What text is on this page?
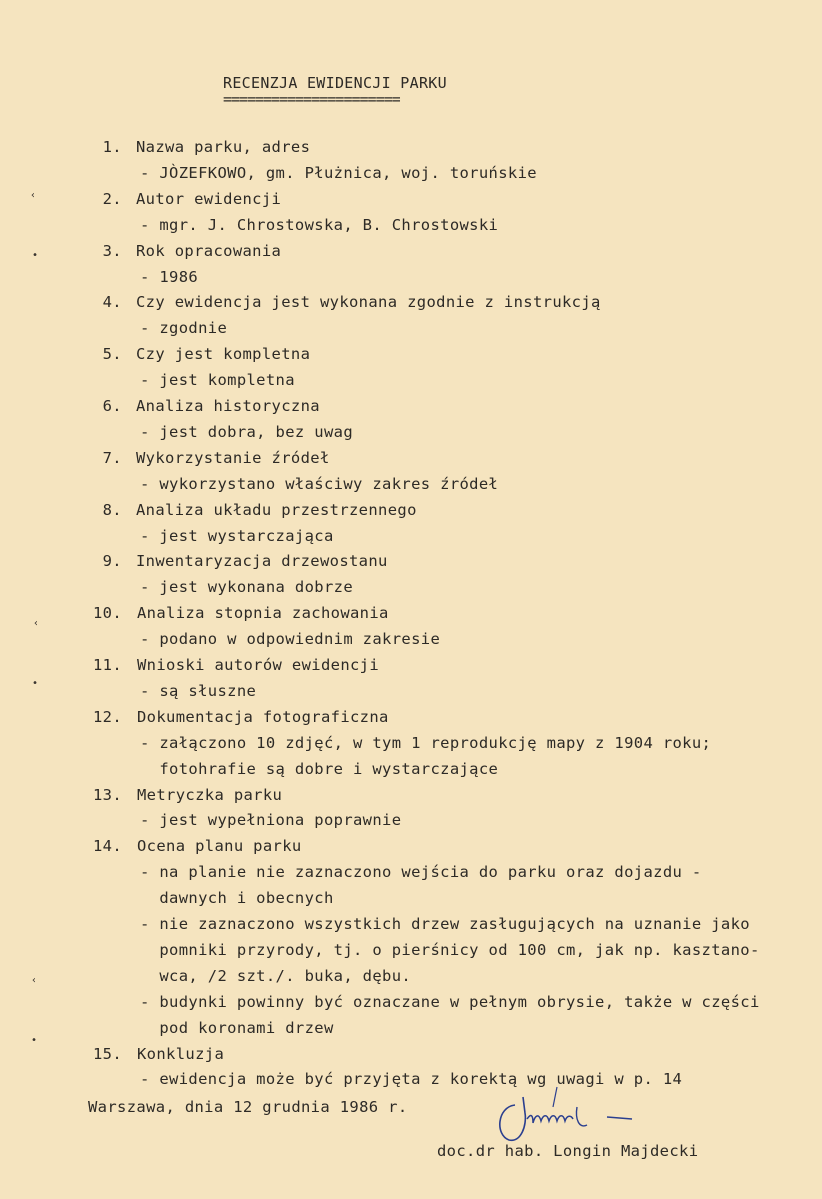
RECENZJA EWIDENCJI PARKU
======================
1. Nazwa parku, adres
- JÒZEFKOWO, gm. Płużnica, woj. toruńskie
2. Autor ewidencji
- mgr. J. Chrostowska, B. Chrostowski
3. Rok opracowania
- 1986
4. Czy ewidencja jest wykonana zgodnie z instrukcją
- zgodnie
5. Czy jest kompletna
- jest kompletna
6. Analiza historyczna
- jest dobra, bez uwag
7. Wykorzystanie źródeł
- wykorzystano właściwy zakres źródeł
8. Analiza układu przestrzennego
- jest wystarczająca
9. Inwentaryzacja drzewostanu
- jest wykonana dobrze
10. Analiza stopnia zachowania
- podano w odpowiednim zakresie
11. Wnioski autorów ewidencji
- są słuszne
12. Dokumentacja fotograficzna
- załączono 10 zdjęć, w tym 1 reprodukcję mapy z 1904 roku;
fotohrafie są dobre i wystarczające
13. Metryczka parku
- jest wypełniona poprawnie
14. Ocena planu parku
- na planie nie zaznaczono wejścia do parku oraz dojazdu -
dawnych i obecnych
- nie zaznaczono wszystkich drzew zasługujących na uznanie jako
pomniki przyrody, tj. o pierśnicy od 100 cm, jak np. kasztano-
wca, /2 szt./. buka, dębu.
- budynki powinny być oznaczane w pełnym obrysie, także w części
pod koronami drzew
15. Konkluzja
- ewidencja może być przyjęta z korektą wg uwagi w p. 14
Warszawa, dnia 12 grudnia 1986 r.
doc.dr hab. Longin Majdecki
‹
•
‹
•
‹
•
